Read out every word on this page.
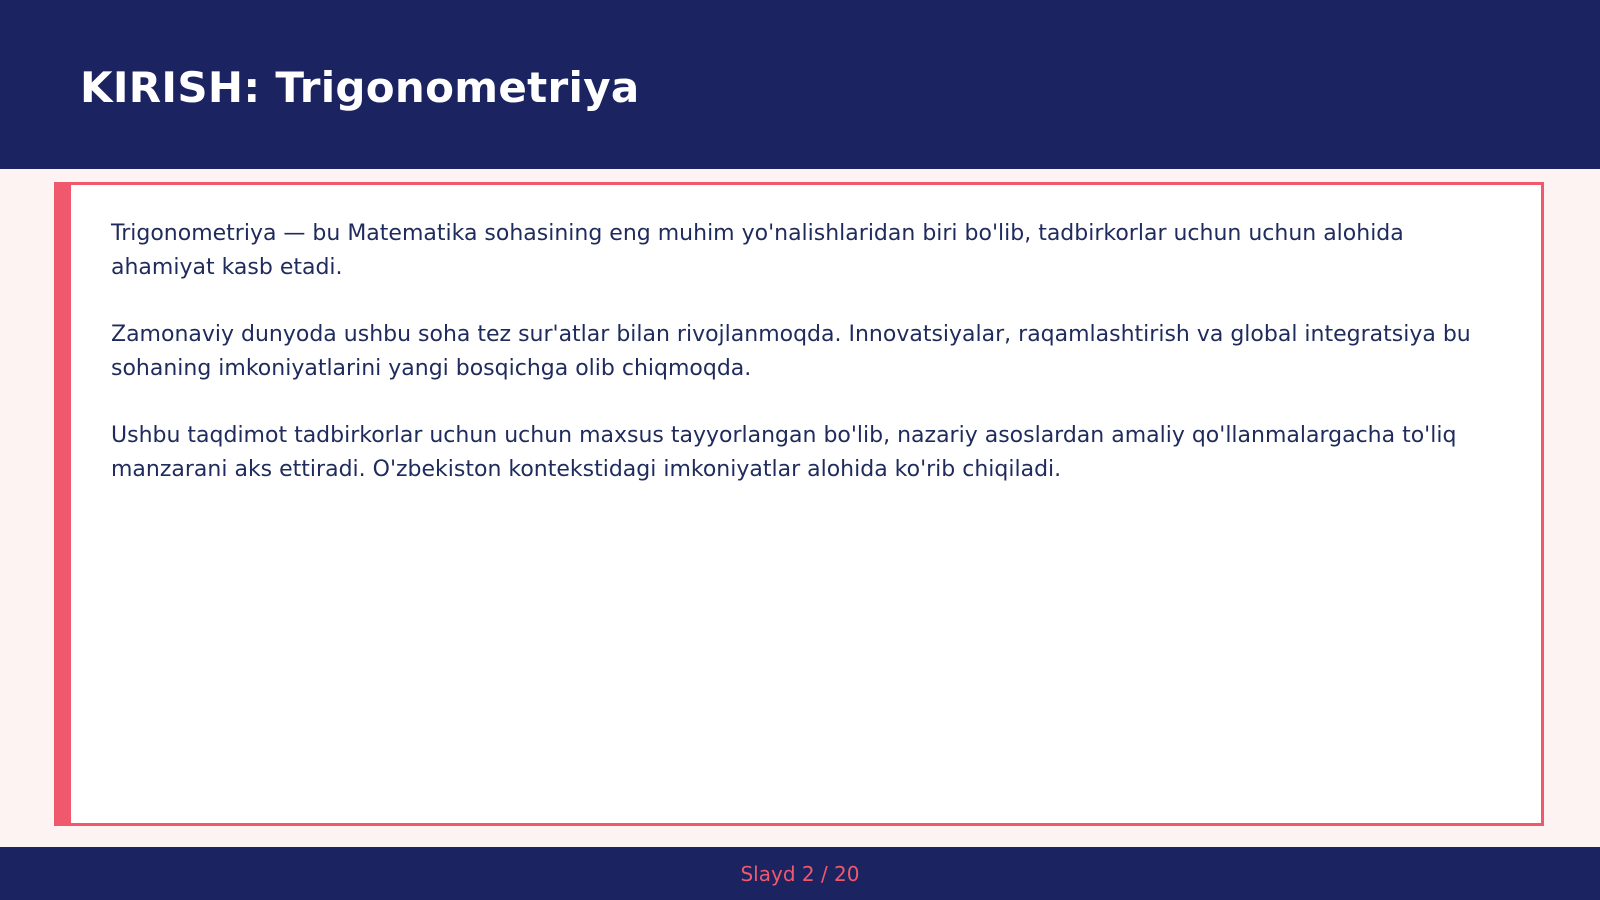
KIRISH: Trigonometriya

Trigonometriya — bu Matematika sohasining eng muhim yo'nalishlaridan biri bo'lib, tadbirkorlar uchun uchun alohida ahamiyat kasb etadi.

Zamonaviy dunyoda ushbu soha tez sur'atlar bilan rivojlanmoqda. Innovatsiyalar, raqamlashtirish va global integratsiya bu sohaning imkoniyatlarini yangi bosqichga olib chiqmoqda.

Ushbu taqdimot tadbirkorlar uchun uchun maxsus tayyorlangan bo'lib, nazariy asoslardan amaliy qo'llanmalargacha to'liq manzarani aks ettiradi. O'zbekiston kontekstidagi imkoniyatlar alohida ko'rib chiqiladi.

Slayd 2 / 20
